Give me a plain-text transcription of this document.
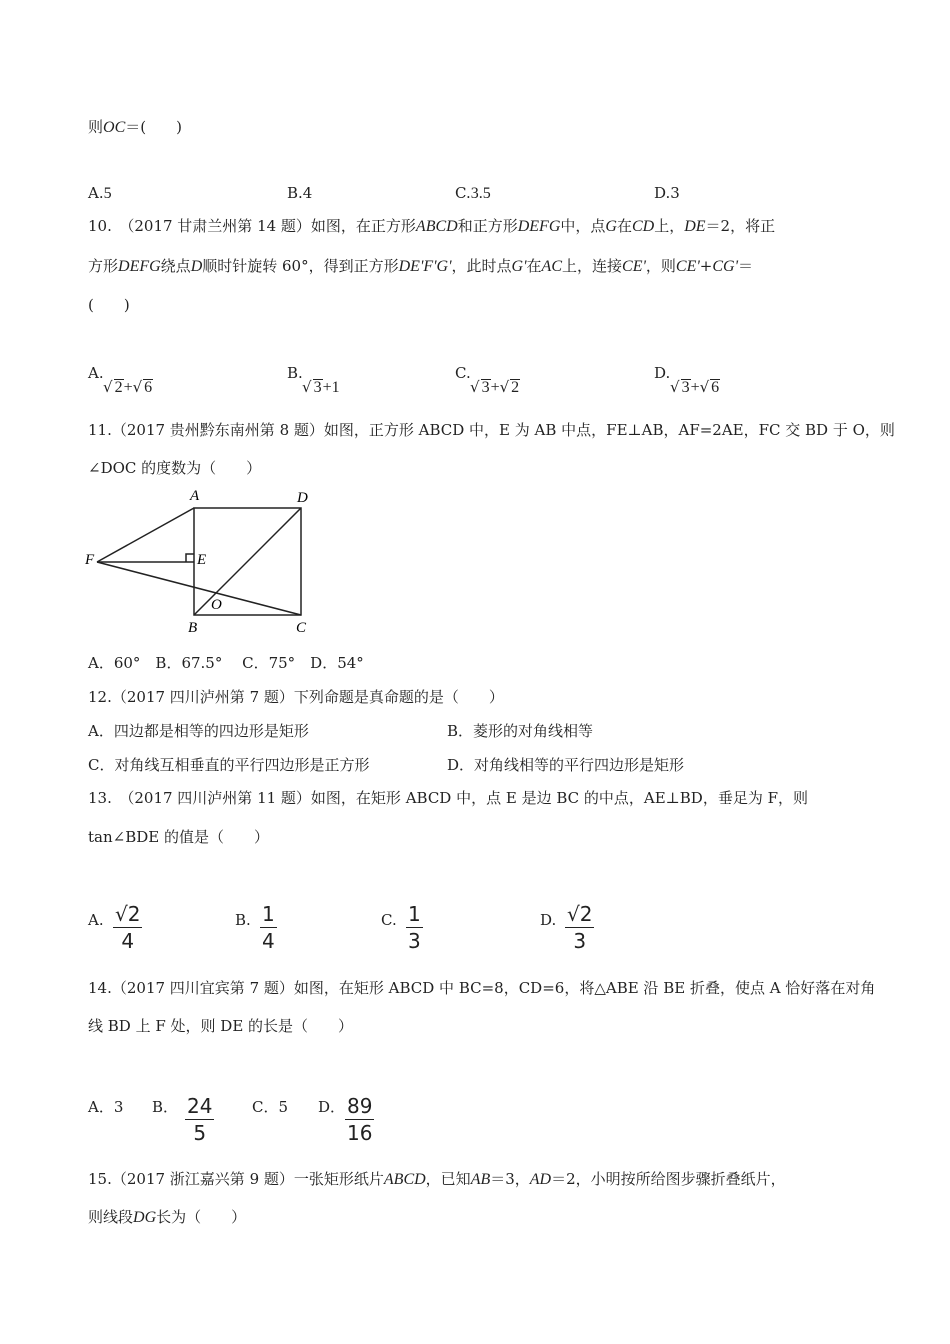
则OC＝(　　)
A.5	B.4	C.3.5	D.3
10.　（2017 甘肃兰州第 14 题）如图，在正方形ABCD和正方形DEFG中，点G在CD上，DE＝2，将正
方形DEFG绕点D顺时针旋转 60°，得到正方形DE'F'G'，此时点G'在AC上，连接CE'，则CE'+CG'＝
(　　)
A.
√ 2+√ 6
B.
√ 3+1
C.
√ 3+√ 2
D.
√ 3+√ 6
11.（2017 贵州黔东南州第 8 题）如图，正方形 ABCD 中，E 为 AB 中点，FE⊥AB，AF=2AE，FC 交 BD 于 O，则
∠DOC 的度数为（　　）
A	D
F	E
O
B	C
A．60°　B．67.5°　 C．75°　D．54°
12.（2017 四川泸州第 7 题）下列命题是真命题的是（　　）
A．四边都是相等的四边形是矩形	B．菱形的对角线相等
C．对角线互相垂直的平行四边形是正方形	D．对角线相等的平行四边形是矩形
13.　（2017 四川泸州第 11 题）如图，在矩形 ABCD 中，点 E 是边 BC 的中点，AE⊥BD，垂足为 F，则
tan∠BDE 的值是（　　）
A. √2
4
B. 1
4
C. 1
3
D. √2
3
14.（2017 四川宜宾第 7 题）如图，在矩形 ABCD 中 BC=8，CD=6，将△ABE 沿 BE 折叠，使点 A 恰好落在对角
线 BD 上 F 处，则 DE 的长是（　　）
A．3 B． 24
5
C．5 D． 89
16
15.（2017 浙江嘉兴第 9 题）一张矩形纸片ABCD，已知AB＝3，AD＝2，小明按所给图步骤折叠纸片，
则线段DG长为（　　）
